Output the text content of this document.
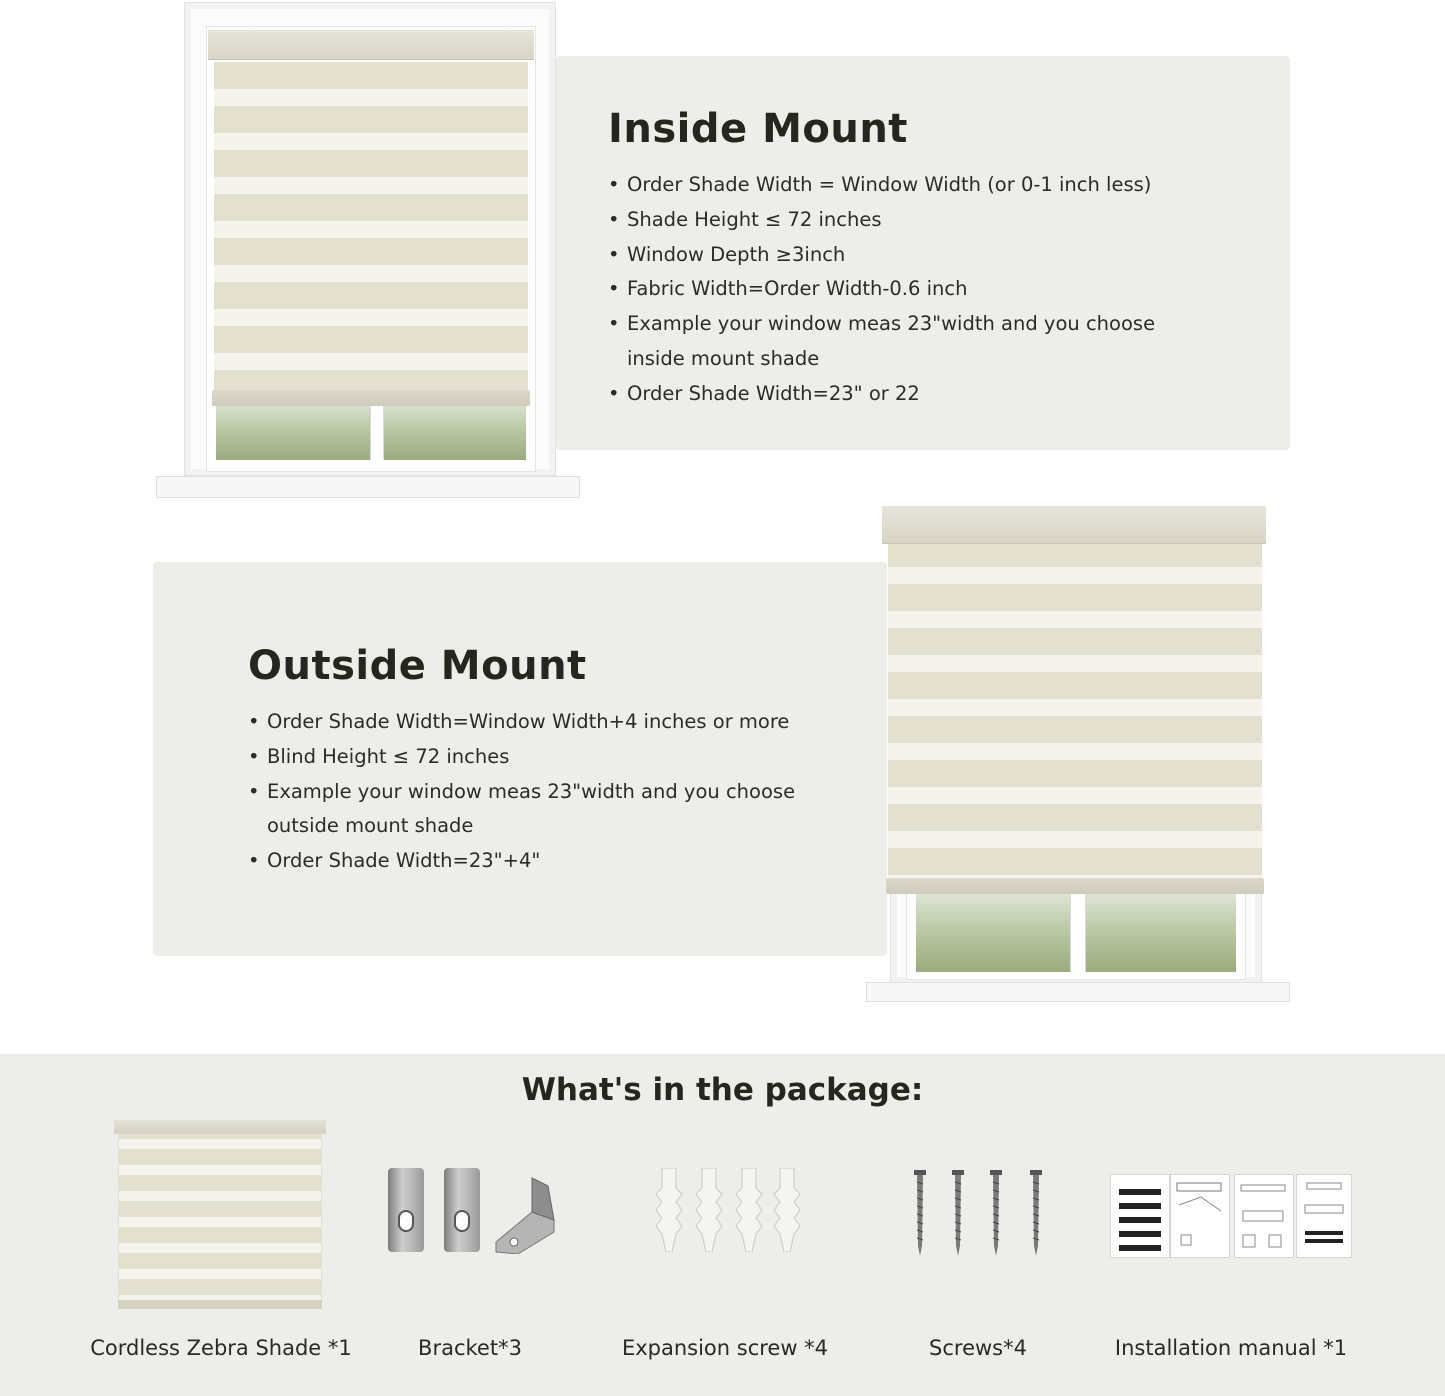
Inside Mount
• Order Shade Width = Window Width (or 0-1 inch less)
• Shade Height ≤ 72 inches
• Window Depth ≥3inch
• Fabric Width=Order Width-0.6 inch
• Example your window meas 23"width and you choose inside mount shade
• Order Shade Width=23" or 22
Outside Mount
• Order Shade Width=Window Width+4 inches or more
• Blind Height ≤ 72 inches
• Example your window meas 23"width and you choose outside mount shade
• Order Shade Width=23"+4"
What's in the package:
Cordless Zebra Shade *1	Bracket*3	Expansion screw *4	Screws*4	Installation manual *1
